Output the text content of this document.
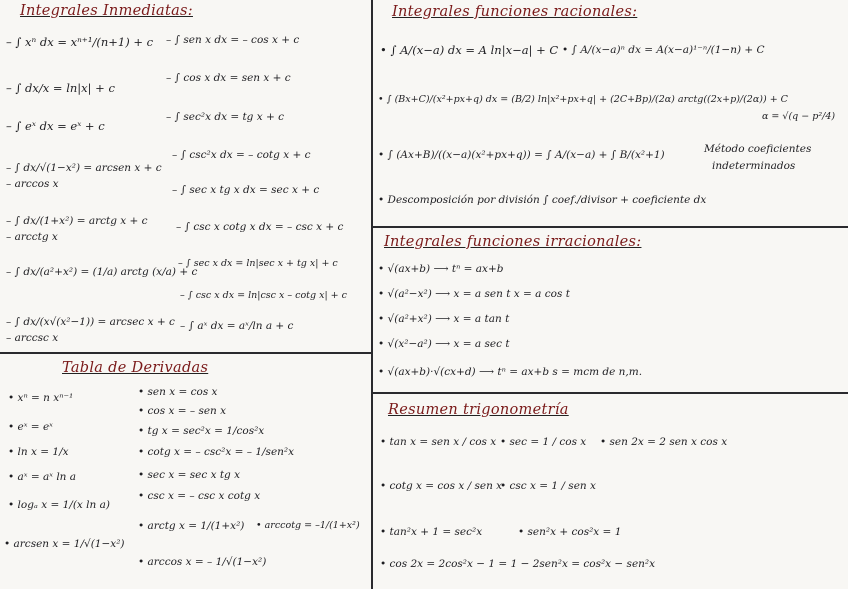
Integrales Inmediatas:	Integrales funciones racionales:
Tabla de Derivadas
Integrales funciones irracionales:
Resumen trigonometría
– ∫ xⁿ dx = xⁿ⁺¹/(n+1) + c
– ∫ dx/x = ln|x| + c
– ∫ eˣ dx = eˣ + c
– ∫ dx/√(1−x²) = arcsen x + c
– arccos x
– ∫ dx/(1+x²) = arctg x + c
– arcctg x
– ∫ dx/(a²+x²) = (1/a) arctg (x/a) + c
– ∫ dx/(x√(x²−1)) = arcsec x + c
– arccsc x
– ∫ sen x dx = – cos x + c
– ∫ cos x dx = sen x + c
– ∫ sec²x dx = tg x + c
– ∫ csc²x dx = – cotg x + c
– ∫ sec x tg x dx = sec x + c
– ∫ csc x cotg x dx = – csc x + c
– ∫ sec x dx = ln|sec x + tg x| + c
– ∫ csc x dx = ln|csc x – cotg x| + c
– ∫ aˣ dx = aˣ/ln a + c
• xⁿ = n xⁿ⁻¹
• eˣ = eˣ
• ln x = 1/x
• aˣ = aˣ ln a
• logₐ x = 1/(x ln a)
• arcsen x = 1/√(1−x²)
• sen x = cos x
• cos x = – sen x
• tg x = sec²x = 1/cos²x
• cotg x = – csc²x = – 1/sen²x
• sec x = sec x tg x
• csc x = – csc x cotg x
• arctg x = 1/(1+x²)
• arccos x = – 1/√(1−x²)
• arccotg = –1/(1+x²)
• ∫ A/(x−a) dx = A ln|x−a| + C • ∫ A/(x−a)ⁿ dx = A(x−a)¹⁻ⁿ/(1−n) + C
• ∫ (Bx+C)/(x²+px+q) dx = (B/2) ln|x²+px+q| + (2C+Bp)/(2α) arctg((2x+p)/(2α)) + C
α = √(q − p²/4)
• ∫ (Ax+B)/((x−a)(x²+px+q)) = ∫ A/(x−a) + ∫ B/(x²+1)	Método coeficientes
indeterminados
• Descomposición por división ∫ coef./divisor + coeficiente dx
• √(ax+b) ⟶ tⁿ = ax+b
• √(a²−x²) ⟶ x = a sen t x = a cos t
• √(a²+x²) ⟶ x = a tan t
• √(x²−a²) ⟶ x = a sec t
• √(ax+b)·√(cx+d) ⟶ tⁿ = ax+b s = mcm de n,m.
• tan x = sen x / cos x • sec = 1 / cos x • sen 2x = 2 sen x cos x
• cotg x = cos x / sen x
• csc x = 1 / sen x
• tan²x + 1 = sec²x	• sen²x + cos²x = 1
• cos 2x = 2cos²x − 1 = 1 − 2sen²x = cos²x − sen²x
